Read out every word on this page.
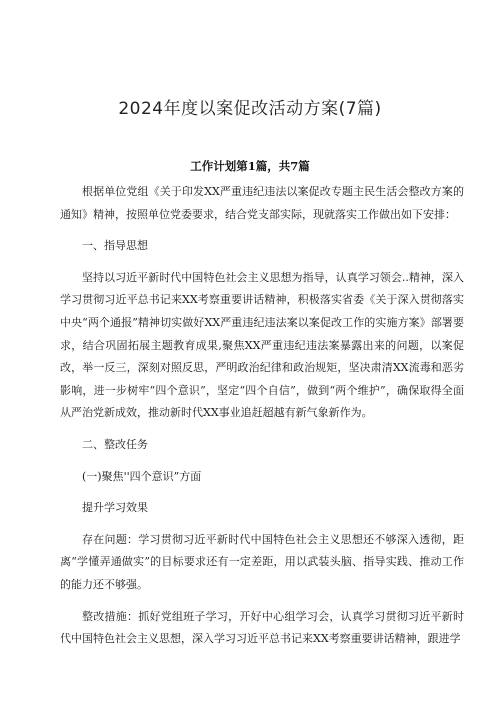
2024年度以案促改活动方案(7篇)
工作计划第1篇，共7篇

根据单位党组《关于印发XX严重违纪违法以案促改专题主民生活会整改方案的通知》精神，按照单位党委要求，结合党支部实际，现就落实工作做出如下安排：

一、指导思想

坚持以习近平新时代中国特色社会主义思想为指导，认真学习领会..精神，深入学习贯彻习近平总书记来XX考察重要讲话精神，积极落实省委《关于深入贯彻落实中央“两个通报”精神切实做好XX严重违纪违法案以案促改工作的实施方案》部署要求，结合巩固拓展主题教育成果,聚焦XX严重违纪违法案暴露出来的问题，以案促改，举一反三，深刻对照反思，严明政治纪律和政治规矩，坚决肃清XX流毒和恶劣影响，进一步树牢“四个意识”，坚定“四个自信”，做到“两个维护”，确保取得全面从严治党新成效，推动新时代XX事业追赶超越有新气象新作为。

二、整改任务

(一)聚焦''四个意识”方面

提升学习效果

存在问题：学习贯彻习近平新时代中国特色社会主义思想还不够深入透彻，距离“学懂弄通做实”的目标要求还有一定差距，用以武装头脑、指导实践、推动工作的能力还不够强。

整改措施：抓好党组班子学习，开好中心组学习会，认真学习贯彻习近平新时代中国特色社会主义思想，深入学习习近平总书记来XX考察重要讲话精神，跟进学
